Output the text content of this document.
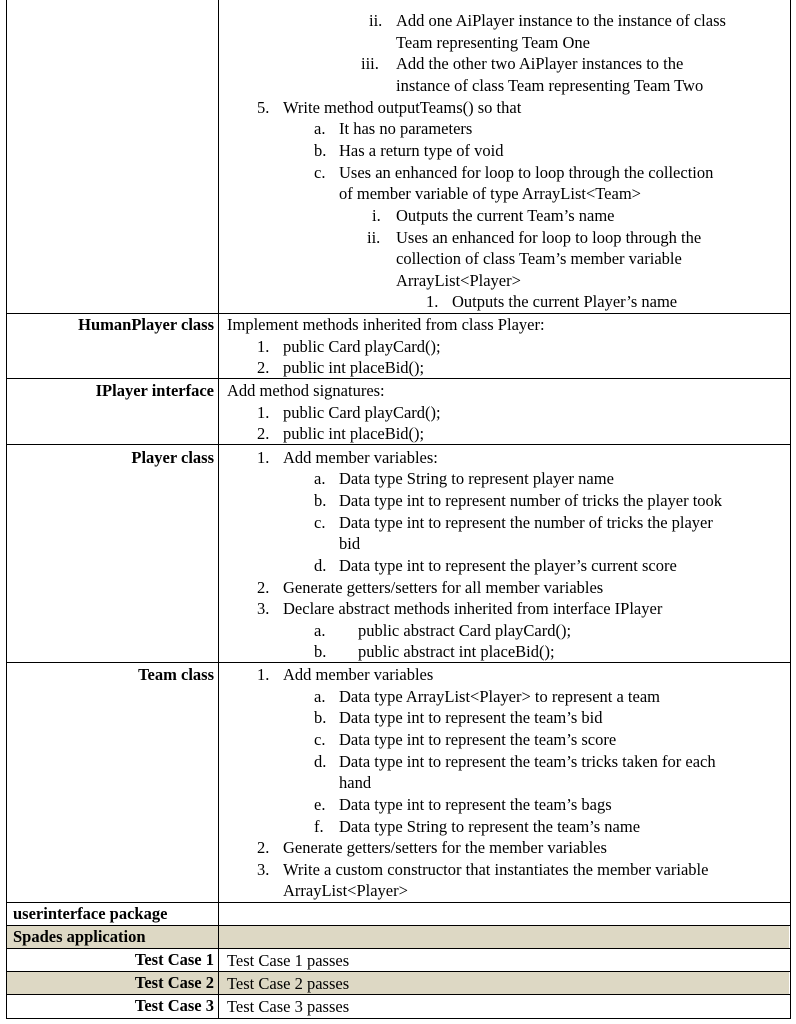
ii. Add one AiPlayer instance to the instance of class
Team representing Team One
iii. Add the other two AiPlayer instances to the
instance of class Team representing Team Two
5. Write method outputTeams() so that
a. It has no parameters
b. Has a return type of void
c. Uses an enhanced for loop to loop through the collection
of member variable of type ArrayList<Team>
i. Outputs the current Team’s name
ii. Uses an enhanced for loop to loop through the
collection of class Team’s member variable
ArrayList<Player>
1. Outputs the current Player’s name
HumanPlayer class Implement methods inherited from class Player:
1. public Card playCard();
2. public int placeBid();
IPlayer interface Add method signatures:
1. public Card playCard();
2. public int placeBid();
Player class	1. Add member variables:
a. Data type String to represent player name
b. Data type int to represent number of tricks the player took
c. Data type int to represent the number of tricks the player
bid
d. Data type int to represent the player’s current score
2. Generate getters/setters for all member variables
3. Declare abstract methods inherited from interface IPlayer
a. public abstract Card playCard();
b. public abstract int placeBid();
Team class	1. Add member variables
a. Data type ArrayList<Player> to represent a team
b. Data type int to represent the team’s bid
c. Data type int to represent the team’s score
d. Data type int to represent the team’s tricks taken for each
hand
e. Data type int to represent the team’s bags
f. Data type String to represent the team’s name
2. Generate getters/setters for the member variables
3. Write a custom constructor that instantiates the member variable
ArrayList<Player>
userinterface package
Spades application
Test Case 1 Test Case 1 passes
Test Case 2 Test Case 2 passes
Test Case 3 Test Case 3 passes
